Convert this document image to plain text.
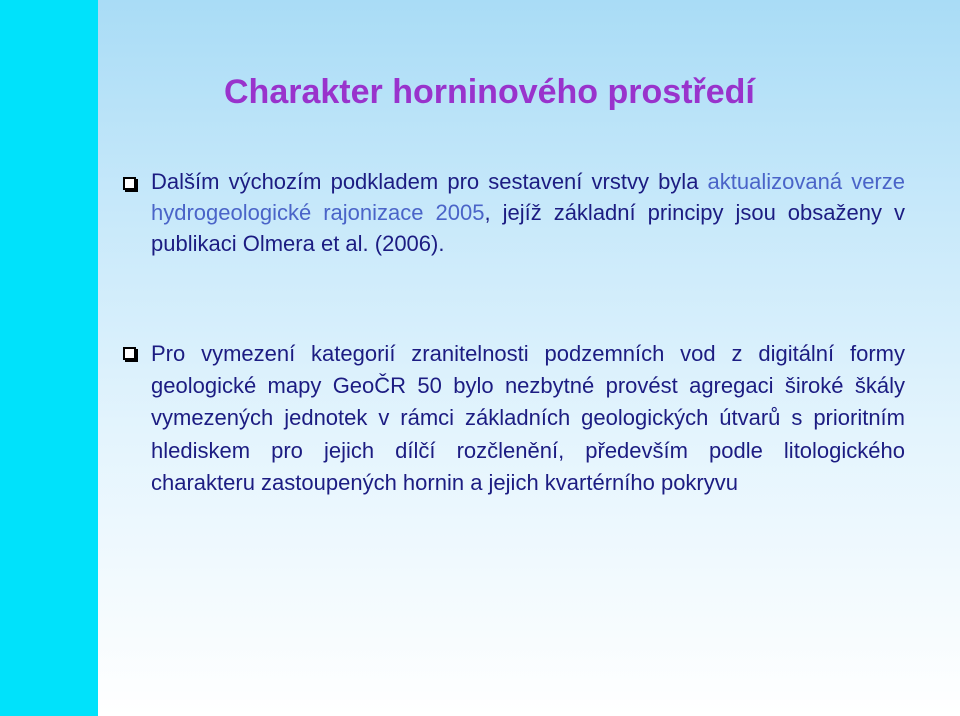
Charakter horninového prostředí

Dalším výchozím podkladem pro sestavení vrstvy byla aktualizovaná verze hydrogeologické rajonizace 2005, jejíž základní principy jsou obsaženy v publikaci Olmera et al. (2006).

Pro vymezení kategorií zranitelnosti podzemních vod z digitální formy geologické mapy GeoČR 50 bylo nezbytné provést agregaci široké škály vymezených jednotek v rámci základních geologických útvarů s prioritním hlediskem pro jejich dílčí rozčlenění, především podle litologického charakteru zastoupených hornin a jejich kvartérního pokryvu
